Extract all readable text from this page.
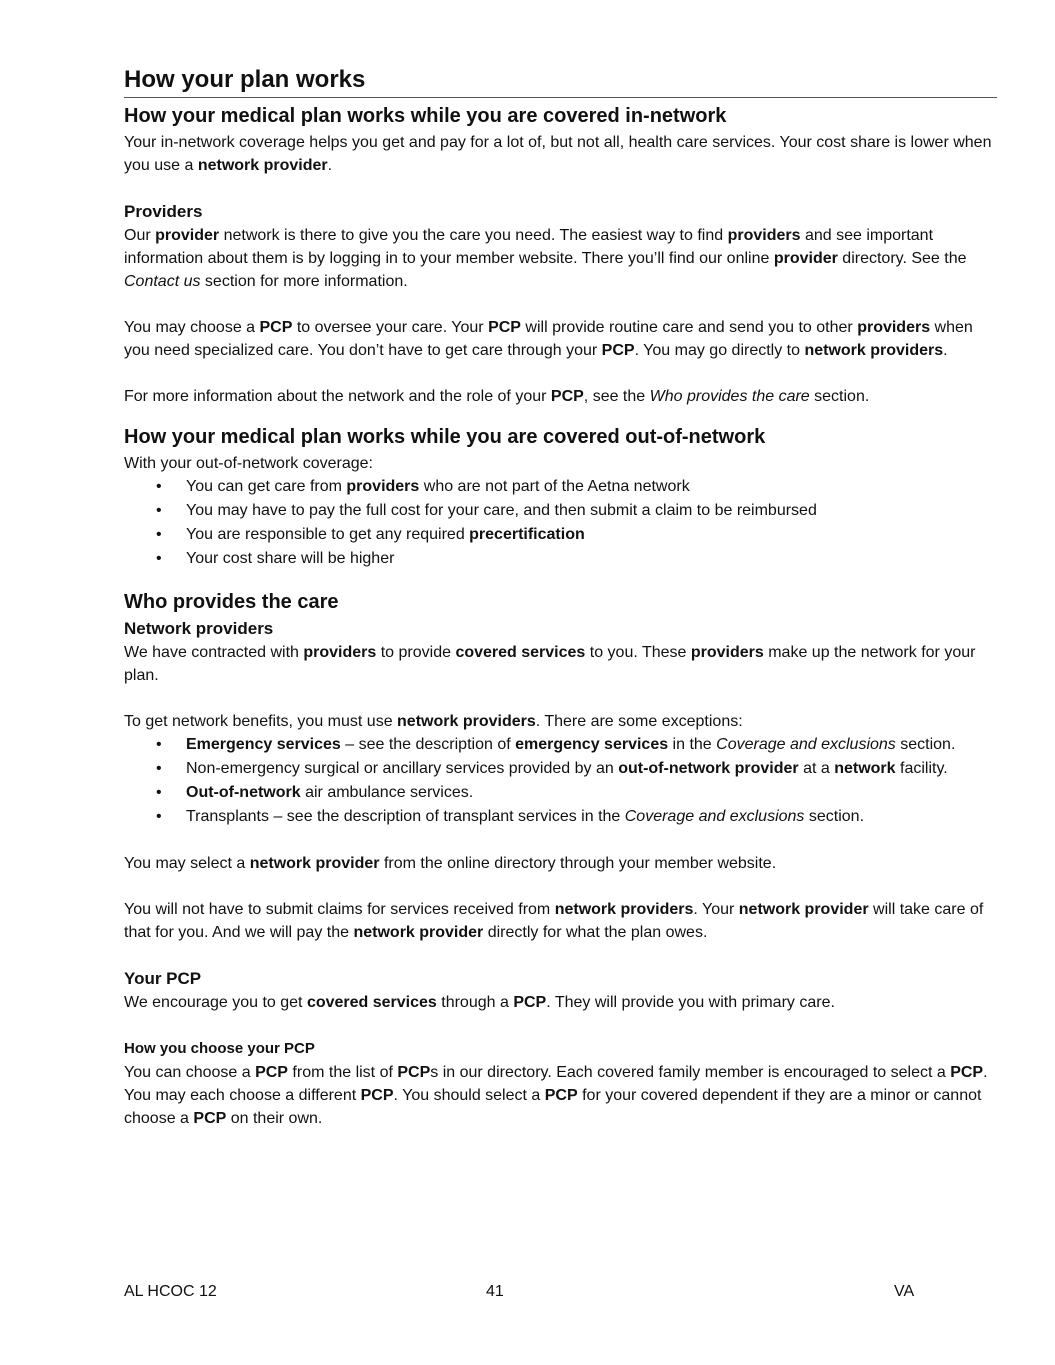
How your plan works
How your medical plan works while you are covered in-network

Your in-network coverage helps you get and pay for a lot of, but not all, health care services. Your cost share is lower when you use a network provider.

Providers

Our provider network is there to give you the care you need. The easiest way to find providers and see important information about them is by logging in to your member website. There you’ll find our online provider directory. See the Contact us section for more information.

You may choose a PCP to oversee your care. Your PCP will provide routine care and send you to other providers when you need specialized care. You don’t have to get care through your PCP. You may go directly to network providers.

For more information about the network and the role of your PCP, see the Who provides the care section.

How your medical plan works while you are covered out-of-network

With your out-of-network coverage:

• You can get care from providers who are not part of the Aetna network
• You may have to pay the full cost for your care, and then submit a claim to be reimbursed
• You are responsible to get any required precertification
• Your cost share will be higher
Who provides the care
Network providers

We have contracted with providers to provide covered services to you. These providers make up the network for your plan.

To get network benefits, you must use network providers. There are some exceptions:

• Emergency services – see the description of emergency services in the Coverage and exclusions section.
• Non-emergency surgical or ancillary services provided by an out-of-network provider at a network facility.
• Out-of-network air ambulance services.
• Transplants – see the description of transplant services in the Coverage and exclusions section.

You may select a network provider from the online directory through your member website.

You will not have to submit claims for services received from network providers. Your network provider will take care of that for you. And we will pay the network provider directly for what the plan owes.

Your PCP

We encourage you to get covered services through a PCP. They will provide you with primary care.

How you choose your PCP

You can choose a PCP from the list of PCPs in our directory. Each covered family member is encouraged to select a PCP. You may each choose a different PCP. You should select a PCP for your covered dependent if they are a minor or cannot choose a PCP on their own.

AL HCOC 12	41	VA
